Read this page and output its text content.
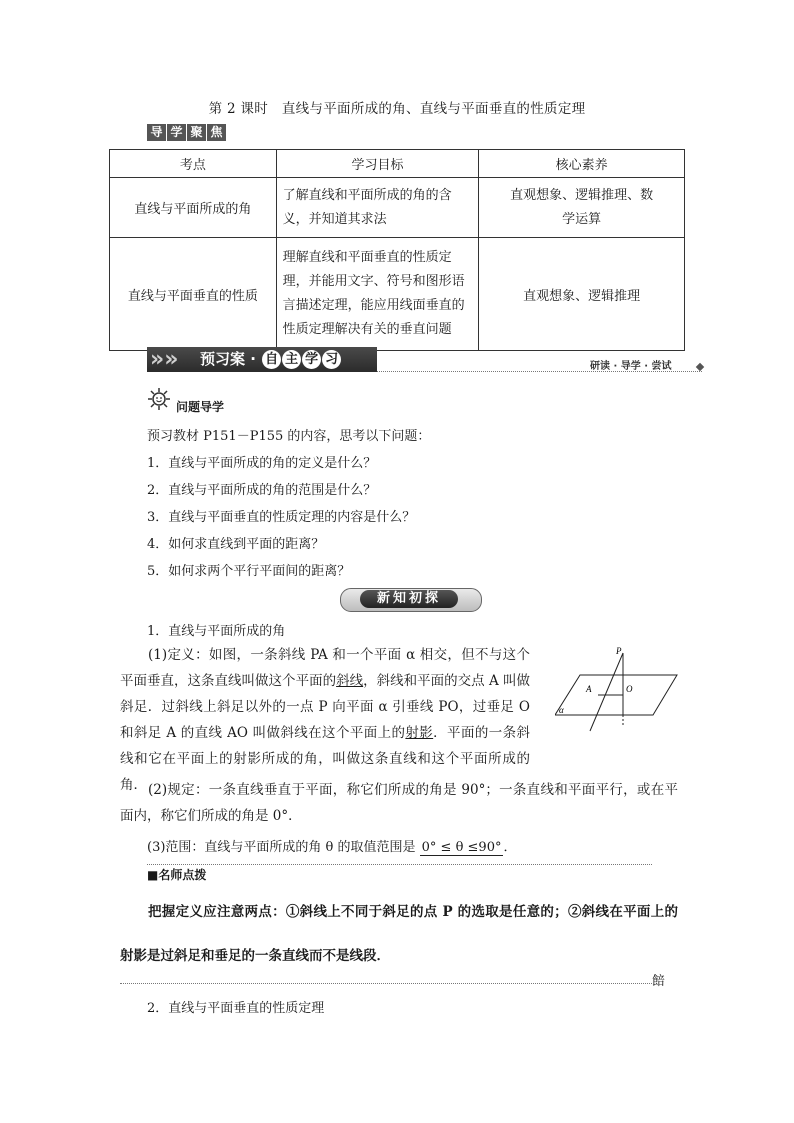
第 2 课时　直线与平面所成的角、直线与平面垂直的性质定理
导 学 聚 焦
考点	学习目标	核心素养
直线与平面所成的角	了解直线和平面所成的角的含义，并知道其求法	直观想象、逻辑推理、数学运算
直线与平面垂直的性质	理解直线和平面垂直的性质定理，并能用文字、符号和图形语言描述定理，能应用线面垂直的性质定理解决有关的垂直问题	直观想象、逻辑推理
»» 预习案 · 自 主 学 习	研读 · 导学 · 尝试
问题导学
预习教材 P151－P155 的内容，思考以下问题：
1．直线与平面所成的角的定义是什么？
2．直线与平面所成的角的范围是什么？
3．直线与平面垂直的性质定理的内容是什么？
4．如何求直线到平面的距离？
5．如何求两个平行平面间的距离？
新知初探
1．直线与平面所成的角
(1)定义：如图，一条斜线 PA 和一个平面 α 相交，但不与这个平面垂直，这条直线叫做这个平面的斜线，斜线和平面的交点 A 叫做斜足．过斜线上斜足以外的一点 P 向平面 α 引垂线 PO，过垂足 O 和斜足 A 的直线 AO 叫做斜线在这个平面上的射影．平面的一条斜线和它在平面上的射影所成的角，叫做这条直线和这个平面所成的角．
P
A	O
α
(2)规定：一条直线垂直于平面，称它们所成的角是 90°；一条直线和平面平行，或在平面内，称它们所成的角是 0°．
(3)范围：直线与平面所成的角 θ 的取值范围是 0° ≤ θ ≤90° ．
■名师点拨
把握定义应注意两点：①斜线上不同于斜足的点 P 的选取是任意的；②斜线在平面上的射影是过斜足和垂足的一条直线而不是线段．
餢
2．直线与平面垂直的性质定理
